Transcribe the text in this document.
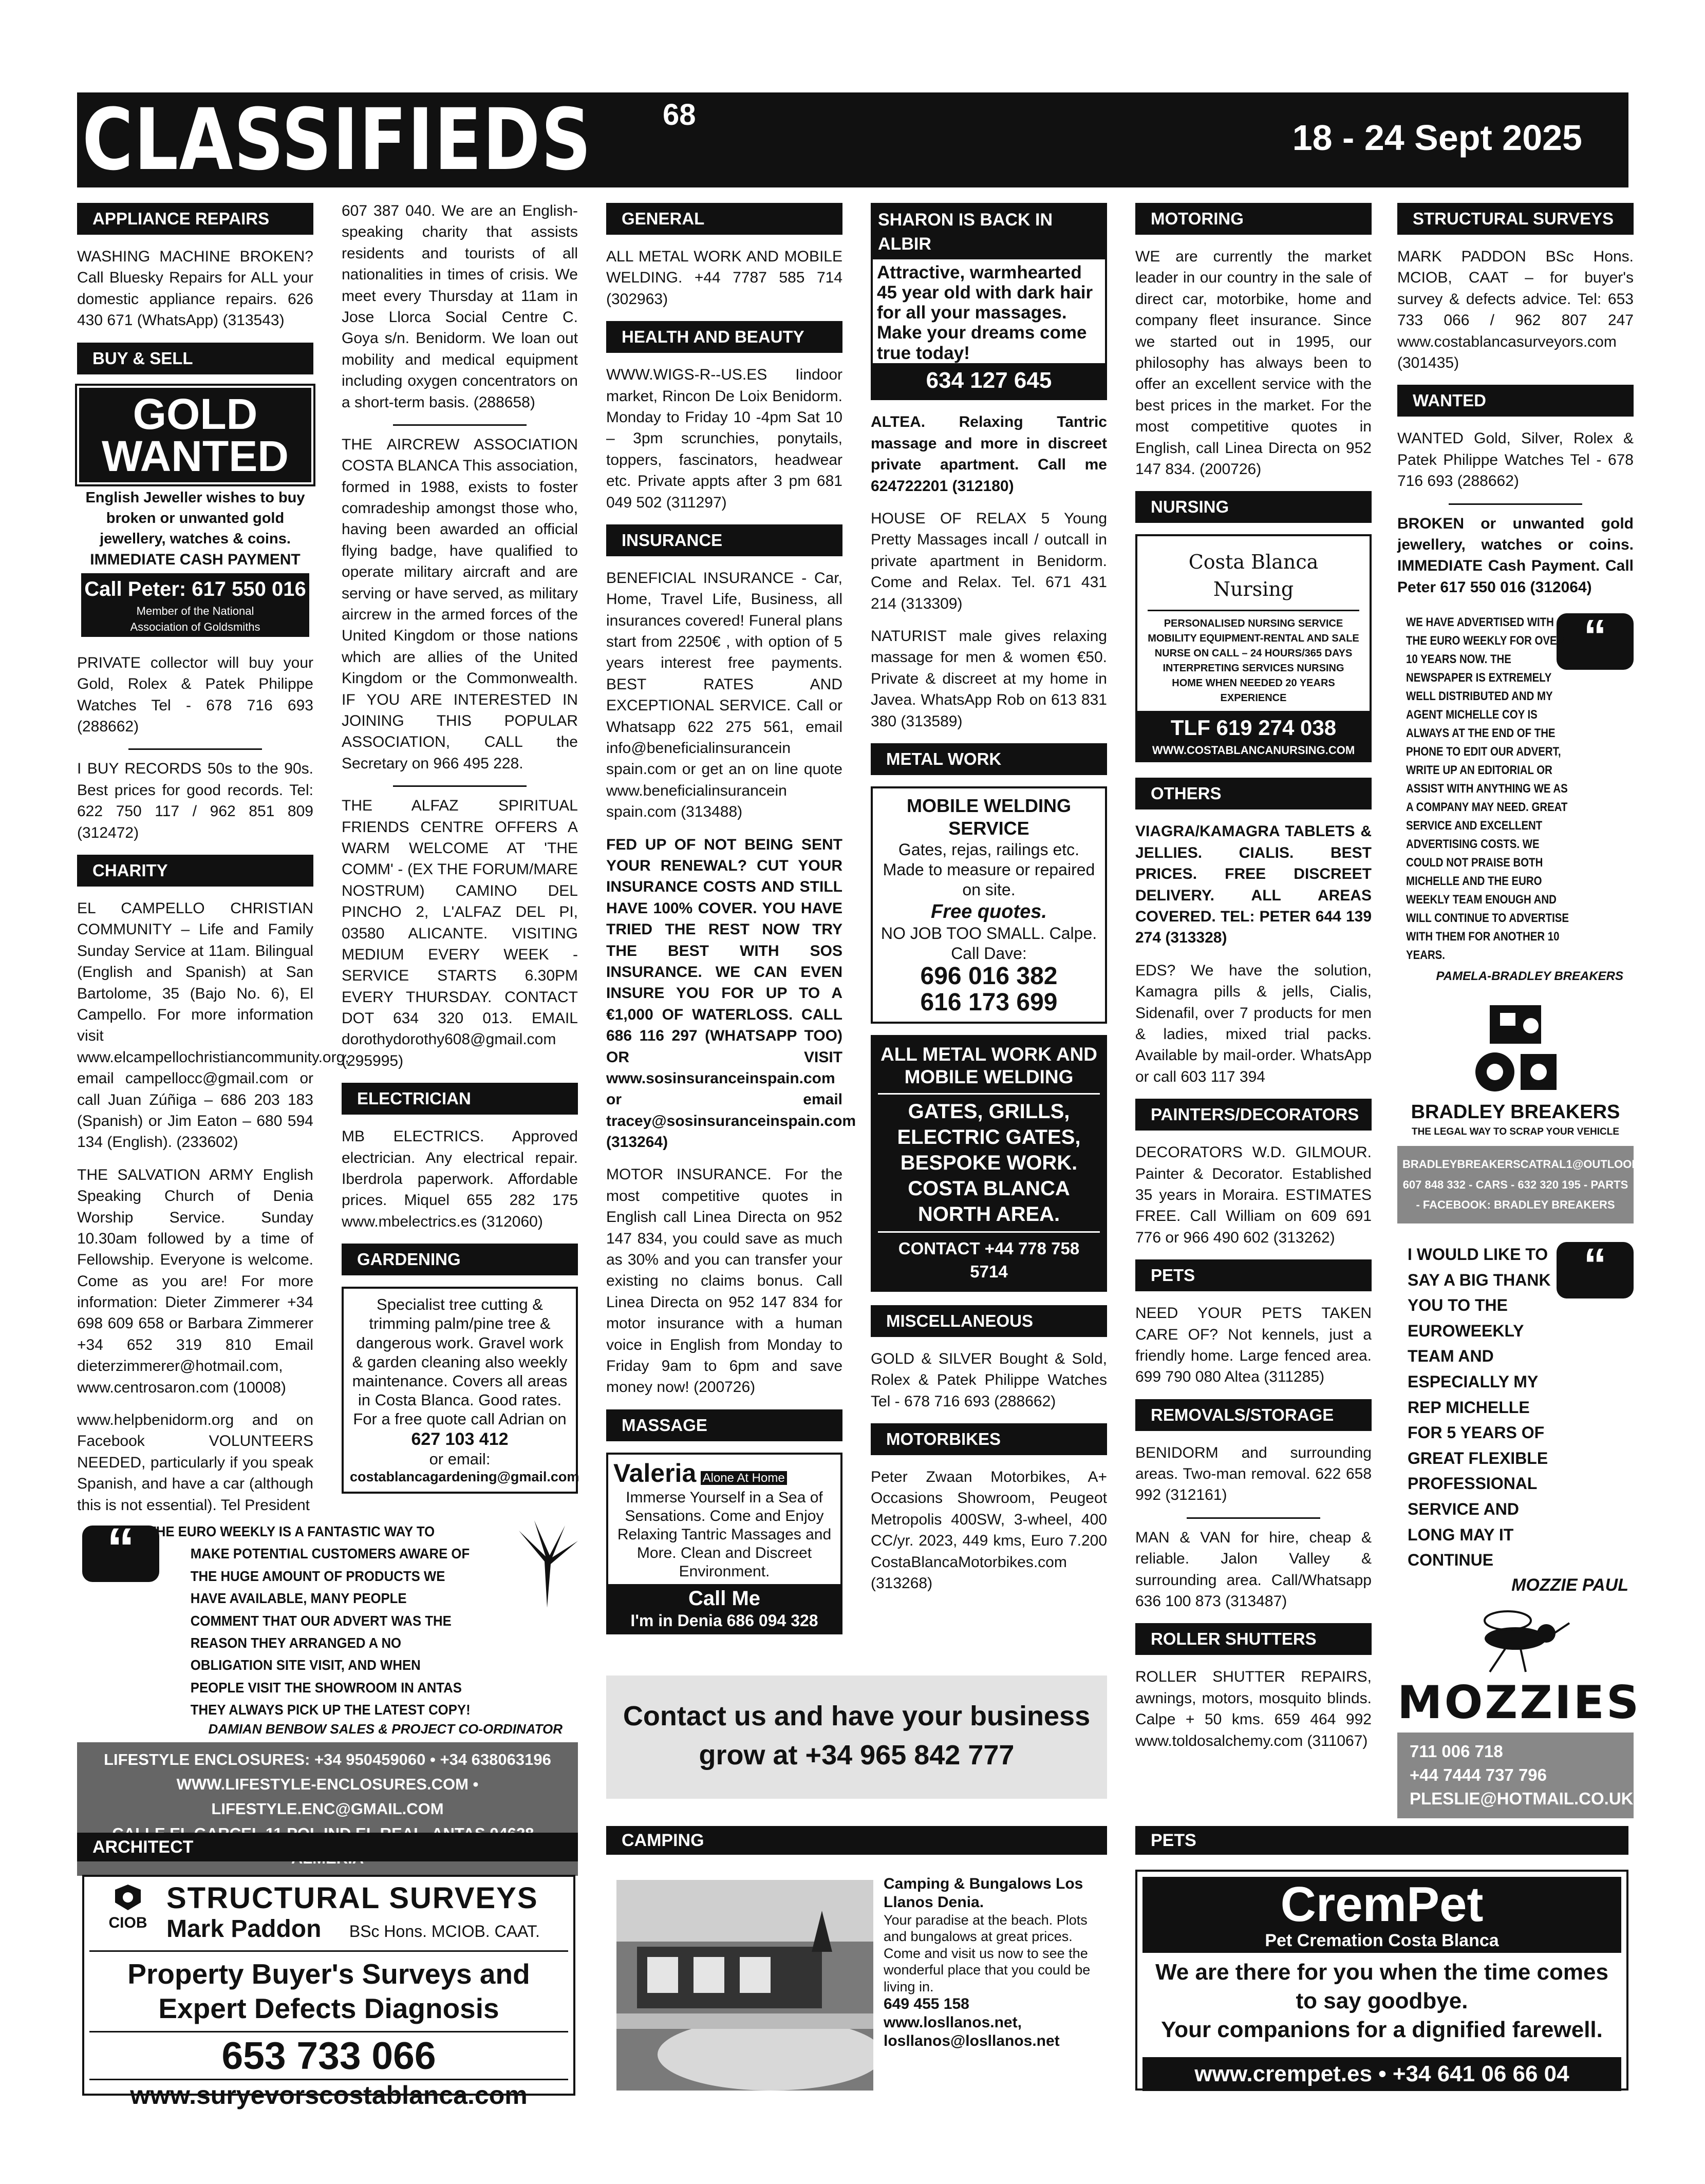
CLASSIFIEDS 68
18 - 24 Sept 2025
APPLIANCE REPAIRS

WASHING MACHINE BROKEN? Call Bluesky Repairs for ALL your domestic appliance repairs. 626 430 671 (WhatsApp) (313543)

BUY & SELL
GOLD WANTED
English Jeweller wishes to buy broken or unwanted gold jewellery, watches & coins.
IMMEDIATE CASH PAYMENT
Call Peter: 617 550 016
Member of the National Association of Goldsmiths

PRIVATE collector will buy your Gold, Rolex & Patek Philippe Watches Tel - 678 716 693 (288662)

I BUY RECORDS 50s to the 90s. Best prices for good records. Tel: 622 750 117 / 962 851 809 (312472)

CHARITY

EL CAMPELLO CHRISTIAN COMMUNITY – Life and Family Sunday Service at 11am. Bilingual (English and Spanish) at San Bartolome, 35 (Bajo No. 6), El Campello. For more information visit www.elcampellochristiancommunity.org, email campellocc@gmail.com or call Juan Zúñiga – 686 203 183 (Spanish) or Jim Eaton – 680 594 134 (English). (233602)

THE SALVATION ARMY English Speaking Church of Denia Worship Service. Sunday 10.30am followed by a time of Fellowship. Everyone is welcome. Come as you are! For more information: Dieter Zimmerer +34 698 609 658 or Barbara Zimmerer +34 652 319 810 Email dieterzimmerer@hotmail.com, www.centrosaron.com (10008)

www.helpbenidorm.org and on Facebook VOLUNTEERS NEEDED, particularly if you speak Spanish, and have a car (although this is not essential). Tel President

607 387 040. We are an English-speaking charity that assists residents and tourists of all nationalities in times of crisis. We meet every Thursday at 11am in Jose Llorca Social Centre C. Goya s/n. Benidorm. We loan out mobility and medical equipment including oxygen concentrators on a short-term basis. (288658)

THE AIRCREW ASSOCIATION COSTA BLANCA This association, formed in 1988, exists to foster comradeship amongst those who, having been awarded an official flying badge, have qualified to operate military aircraft and are serving or have served, as military aircrew in the armed forces of the United Kingdom or those nations which are allies of the United Kingdom or the Commonwealth. IF YOU ARE INTERESTED IN JOINING THIS POPULAR ASSOCIATION, CALL the Secretary on 966 495 228.

THE ALFAZ SPIRITUAL FRIENDS CENTRE OFFERS A WARM WELCOME AT 'THE COMM' - (EX THE FORUM/MARE NOSTRUM) CAMINO DEL PINCHO 2, L'ALFAZ DEL PI, 03580 ALICANTE. VISITING MEDIUM EVERY WEEK - SERVICE STARTS 6.30PM EVERY THURSDAY. CONTACT DOT 634 320 013. EMAIL dorothydorothy608@gmail.com (295995)

ELECTRICIAN

MB ELECTRICS. Approved electrician. Any electrical repair. Iberdrola paperwork. Affordable prices. Miquel 655 282 175 www.mbelectrics.es (312060)

GARDENING
Specialist tree cutting & trimming palm/pine tree & dangerous work. Gravel work & garden cleaning also weekly maintenance. Covers all areas in Costa Blanca. Good rates. For a free quote call Adrian on
627 103 412
or email:
costablancagardening@gmail.com
GENERAL MAINTENANCE

ALL METAL WORK AND MOBILE WELDING. +44 7787 585 714 (302963)

HEALTH AND BEAUTY

WWW.WIGS-R--US.ES Iindoor market, Rincon De Loix Benidorm. Monday to Friday 10 -4pm Sat 10 – 3pm scrunchies, ponytails, toppers, fascinators, headwear etc. Private appts after 3 pm 681 049 502 (311297)

INSURANCE

BENEFICIAL INSURANCE - Car, Home, Travel Life, Business, all insurances covered! Funeral plans start from 2250€ , with option of 5 years interest free payments. BEST RATES AND EXCEPTIONAL SERVICE. Call or Whatsapp 622 275 561, email info@beneficialinsurancein spain.com or get an on line quote www.beneficialinsurancein spain.com (313488)

FED UP OF NOT BEING SENT YOUR RENEWAL? CUT YOUR INSURANCE COSTS AND STILL HAVE 100% COVER. YOU HAVE TRIED THE REST NOW TRY THE BEST WITH SOS INSURANCE. WE CAN EVEN INSURE YOU FOR UP TO A €1,000 OF WATERLOSS. CALL 686 116 297 (WHATSAPP TOO) OR VISIT www.sosinsuranceinspain.com or email tracey@sosinsuranceinspain.com (313264)

MOTOR INSURANCE. For the most competitive quotes in English call Linea Directa on 952 147 834, you could save as much as 30% and you can transfer your existing no claims bonus. Call Linea Directa on 952 147 834 for motor insurance with a human voice in English from Monday to Friday 9am to 6pm and save money now! (200726)

MASSAGE
Valeria Alone At Home
Immerse Yourself in a Sea of Sensations. Come and Enjoy Relaxing Tantric Massages and More. Clean and Discreet Environment.
Call Me
I'm in Denia 686 094 328
SHARON IS BACK IN ALBIR
Attractive, warmhearted 45 year old with dark hair for all your massages. Make your dreams come true today!
634 127 645

ALTEA. Relaxing Tantric massage and more in discreet private apartment. Call me 624722201 (312180)

HOUSE OF RELAX 5 Young Pretty Massages incall / outcall in private apartment in Benidorm. Come and Relax. Tel. 671 431 214 (313309)

NATURIST male gives relaxing massage for men & women €50. Private & discreet at my home in Javea. WhatsApp Rob on 613 831 380 (313589)

METAL WORK
MOBILE WELDING SERVICE
Gates, rejas, railings etc. Made to measure or repaired on site.
Free quotes.
NO JOB TOO SMALL. Calpe. Call Dave:
696 016 382
616 173 699
ALL METAL WORK AND MOBILE WELDING
GATES, GRILLS, ELECTRIC GATES, BESPOKE WORK. COSTA BLANCA NORTH AREA.
CONTACT +44 778 758 5714
MISCELLANEOUS

GOLD & SILVER Bought & Sold, Rolex & Patek Philippe Watches Tel - 678 716 693 (288662)

MOTORBIKES

Peter Zwaan Motorbikes, A+ Occasions Showroom, Peugeot Metropolis 400SW, 3-wheel, 400 CC/yr. 2023, 449 kms, Euro 7.200 CostaBlancaMotorbikes.com (313268)

MOTORING

WE are currently the market leader in our country in the sale of direct car, motorbike, home and company fleet insurance. Since we started out in 1995, our philosophy has always been to offer an excellent service with the best prices in the market. For the most competitive quotes in English, call Linea Directa on 952 147 834. (200726)

NURSING
Costa Blanca Nursing
PERSONALISED NURSING SERVICE MOBILITY EQUIPMENT-RENTAL AND SALE NURSE ON CALL – 24 HOURS/365 DAYS INTERPRETING SERVICES NURSING HOME WHEN NEEDED 20 YEARS EXPERIENCE
TLF 619 274 038
WWW.COSTABLANCANURSING.COM
OTHERS

VIAGRA/KAMAGRA TABLETS & JELLIES. CIALIS. BEST PRICES. FREE DISCREET DELIVERY. ALL AREAS COVERED. TEL: PETER 644 139 274 (313328)

EDS? We have the solution, Kamagra pills & jells, Cialis, Sidenafil, over 7 products for men & ladies, mixed trial packs. Available by mail-order. WhatsApp or call 603 117 394

PAINTERS/DECORATORS

DECORATORS W.D. GILMOUR. Painter & Decorator. Established 35 years in Moraira. ESTIMATES FREE. Call William on 609 691 776 or 966 490 602 (313262)

PETS

NEED YOUR PETS TAKEN CARE OF? Not kennels, just a friendly home. Large fenced area. 699 790 080 Altea (311285)

REMOVALS/STORAGE

BENIDORM and surrounding areas. Two-man removal. 622 658 992 (312161)

MAN & VAN for hire, cheap & reliable. Jalon Valley & surrounding area. Call/Whatsapp 636 100 873 (313487)

ROLLER SHUTTERS

ROLLER SHUTTER REPAIRS, awnings, motors, mosquito blinds. Calpe + 50 kms. 659 464 992 www.toldosalchemy.com (311067)

STRUCTURAL SURVEYS

MARK PADDON BSc Hons. MCIOB, CAAT – for buyer's survey & defects advice. Tel: 653 733 066 / 962 807 247 www.costablancasurveyors.com (301435)

WANTED

WANTED Gold, Silver, Rolex & Patek Philippe Watches Tel - 678 716 693 (288662)

BROKEN or unwanted gold jewellery, watches or coins. IMMEDIATE Cash Payment. Call Peter 617 550 016 (312064)

“
WE HAVE ADVERTISED WITH THE EURO WEEKLY FOR OVER 10 YEARS NOW. THE NEWSPAPER IS EXTREMELY WELL DISTRIBUTED AND MY AGENT MICHELLE COY IS ALWAYS AT THE END OF THE PHONE TO EDIT OUR ADVERT, WRITE UP AN EDITORIAL OR ASSIST WITH ANYTHING WE AS A COMPANY MAY NEED. GREAT SERVICE AND EXCELLENT ADVERTISING COSTS. WE COULD NOT PRAISE BOTH MICHELLE AND THE EURO WEEKLY TEAM ENOUGH AND WILL CONTINUE TO ADVERTISE WITH THEM FOR ANOTHER 10 YEARS.
PAMELA-BRADLEY BREAKERS
BRADLEY BREAKERS
THE LEGAL WAY TO SCRAP YOUR VEHICLE
BRADLEYBREAKERSCATRAL1@OUTLOOK.COM 607 848 332 - CARS - 632 320 195 - PARTS - FACEBOOK: BRADLEY BREAKERS
“
I WOULD LIKE TO SAY A BIG THANK YOU TO THE EUROWEEKLY TEAM AND ESPECIALLY MY REP MICHELLE FOR 5 YEARS OF GREAT FLEXIBLE PROFESSIONAL SERVICE AND LONG MAY IT CONTINUE
MOZZIE PAUL
MOZZIES
711 006 718
+44 7444 737 796
PLESLIE@HOTMAIL.CO.UK
“ THE EURO WEEKLY IS A FANTASTIC WAY TO MAKE POTENTIAL CUSTOMERS AWARE OF THE HUGE AMOUNT OF PRODUCTS WE HAVE AVAILABLE, MANY PEOPLE COMMENT THAT OUR ADVERT WAS THE REASON THEY ARRANGED A NO OBLIGATION SITE VISIT, AND WHEN PEOPLE VISIT THE SHOWROOM IN ANTAS THEY ALWAYS PICK UP THE LATEST COPY!
DAMIAN BENBOW SALES & PROJECT CO-ORDINATOR
LIFESTYLE ENCLOSURES: +34 950459060 • +34 638063196
WWW.LIFESTYLE-ENCLOSURES.COM • LIFESTYLE.ENC@GMAIL.COM
Contact us and have your business
grow at +34 965 842 777
ARCHITECT	CAMPING	PETS
CIOB
STRUCTURAL SURVEYS
Mark Paddon BSc Hons. MCIOB. CAAT.
Property Buyer's Surveys and
Expert Defects Diagnosis
653 733 066
www.suryevorscostablanca.com
Camping & Bungalows Los Llanos Denia.
Your paradise at the beach. Plots and bungalows at great prices. Come and visit us now to see the wonderful place that you could be living in.
649 455 158
www.losllanos.net,
losllanos@losllanos.net
CremPet
Pet Cremation Costa Blanca
We are there for you when the time comes
to say goodbye.
Your companions for a dignified farewell.
www.crempet.es • +34 641 06 66 04
